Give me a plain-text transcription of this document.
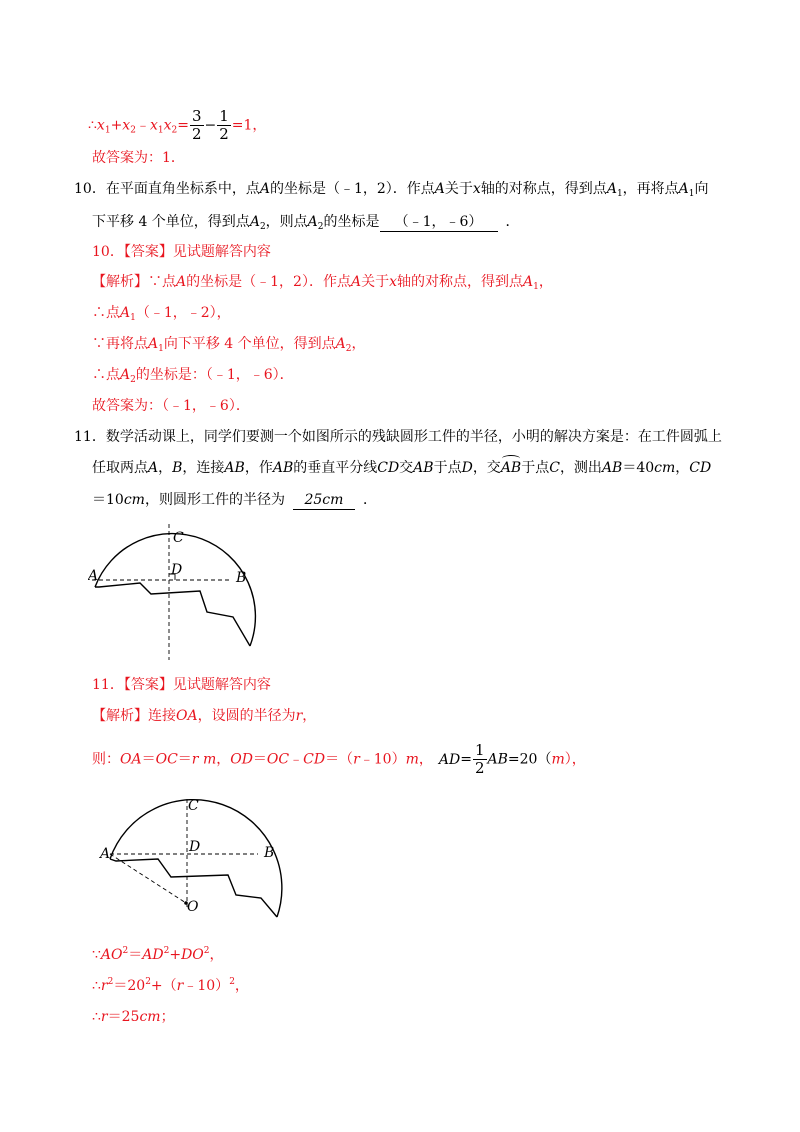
$\therefore x_1+x_2﹣x_1x_2= \frac{3}{2} - \frac{1}{2} =1$，
故答案为：1．
10．在平面直角坐标系中，点A的坐标是（﹣1，2）．作点A关于x轴的对称点，得到点$A_1$，再将点$A_1$向
下平移 4 个单位，得到点$A_2$，则点$A_2$的坐标是 （﹣1，﹣6） ．
10．【答案】见试题解答内容
【解析】∵点A的坐标是（﹣1，2）．作点A关于x轴的对称点，得到点$A_1$，
∴点$A_1(﹣1$，﹣2），
∵再将点$A_1$向下平移 4 个单位，得到点$A_2$，
∴点$A_2$的坐标是：（﹣1，﹣6）．
故答案为：（﹣1，﹣6）．
11．数学活动课上，同学们要测一个如图所示的残缺圆形工件的半径，小明的解决方案是：在工件圆弧上
任取两点A，B，连接AB，作AB的垂直平分线CD交AB于点D，交AB于点C，测出AB＝40cm，CD
＝10cm，则圆形工件的半径为 25cm ．
C
A	D	B
11．【答案】见试题解答内容
【解析】连接OA，设圆的半径为r，
则：OA＝OC＝r m，OD＝OC﹣CD＝（r﹣10）m， $AD= \frac{1}{2} AB=20(m)$，
C
A	D	B
O
$\because AO^2=AD^2+DO^2$，
$\therefore r^2=20^2+(r﹣10)^2$，
∴r＝25cm；
